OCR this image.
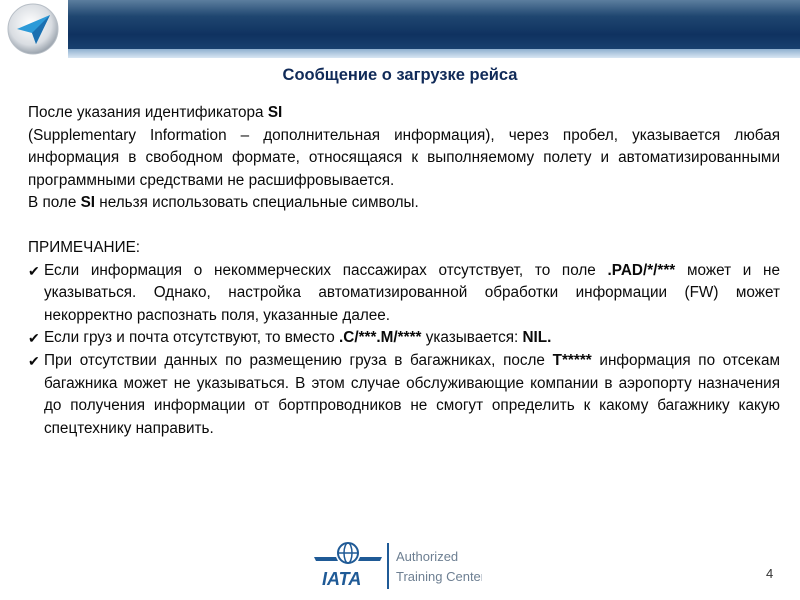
Сообщение о загрузке рейса

После указания идентификатора SI
(Supplementary Information – дополнительная информация), через пробел, указывается любая информация в свободном формате, относящаяся к выполняемому полету и автоматизированными программными средствами не расшифровывается.

В поле SI нельзя использовать специальные символы.

ПРИМЕЧАНИЕ:

✔ Если информация о некоммерческих пассажирах отсутствует, то поле .PAD/*/*** может и не указываться. Однако, настройка автоматизированной обработки информации (FW) может некорректно распознать поля, указанные далее.
✔ Если груз и почта отсутствуют, то вместо .C/***.M/**** указывается: NIL.
✔ При отсутствии данных по размещению груза в багажниках, после T***** информация по отсекам багажника может не указываться. В этом случае обслуживающие компании в аэропорту назначения до получения информации от бортпроводников не смогут определить к какому багажнику какую спецтехнику направить.
IATA
Authorized
Training Center	4
